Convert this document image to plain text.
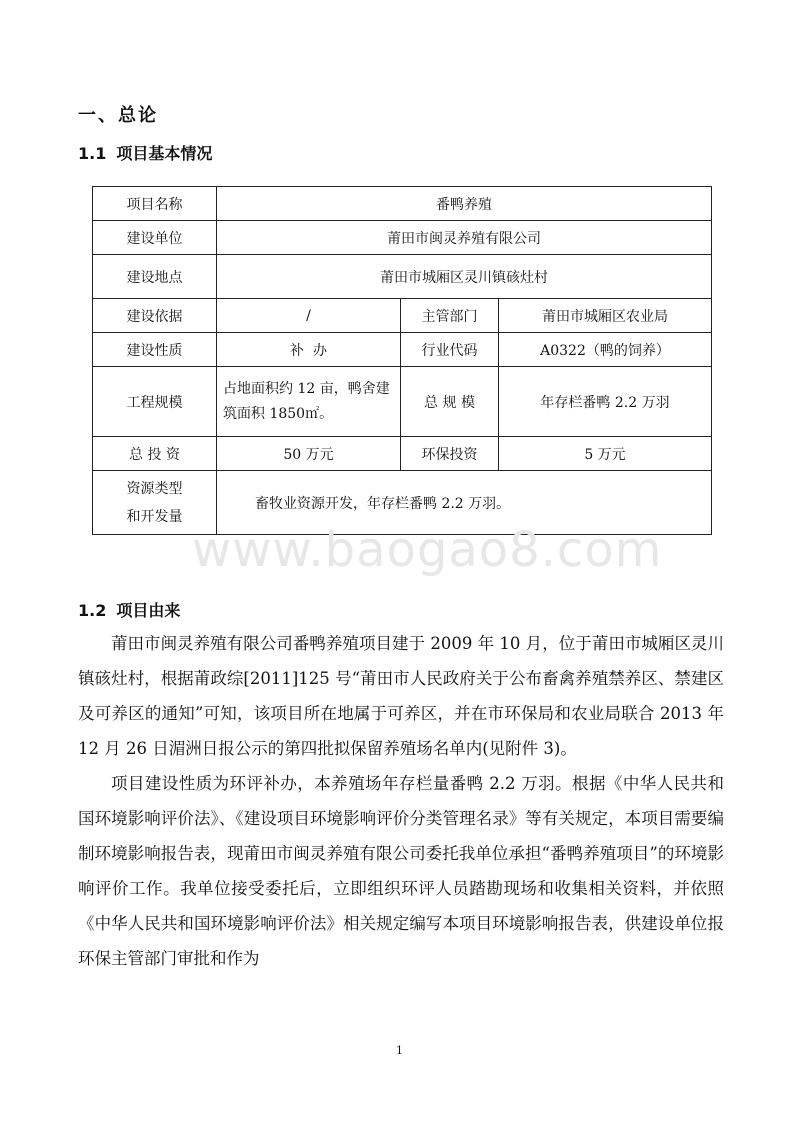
一、总论
1.1 项目基本情况
项目名称	番鸭养殖		
建设单位	莆田市闽灵养殖有限公司		
建设地点	莆田市城厢区灵川镇硋灶村		
建设依据	/	主管部门	莆田市城厢区农业局
建设性质	补  办	行业代码	A0322（鸭的饲养）
工程规模	占地面积约 12 亩，鸭舍建筑面积 1850㎡。	总 规 模	年存栏番鸭 2.2 万羽
总 投 资	50 万元	环保投资	5 万元

资源类型
和开发量	畜牧业资源开发，年存栏番鸭 2.2 万羽。		
www.baogao8.com
1.2 项目由来

莆田市闽灵养殖有限公司番鸭养殖项目建于 2009 年 10 月，位于莆田市城厢区灵川镇硋灶村，根据莆政综[2011]125 号“莆田市人民政府关于公布畜禽养殖禁养区、禁建区及可养区的通知”可知，该项目所在地属于可养区，并在市环保局和农业局联合 2013 年 12 月 26 日湄洲日报公示的第四批拟保留养殖场名单内(见附件 3)。

项目建设性质为环评补办，本养殖场年存栏量番鸭 2.2 万羽。根据《中华人民共和国环境影响评价法》、《建设项目环境影响评价分类管理名录》等有关规定，本项目需要编制环境影响报告表，现莆田市闽灵养殖有限公司委托我单位承担“番鸭养殖项目”的环境影响评价工作。我单位接受委托后，立即组织环评人员踏勘现场和收集相关资料，并依照《中华人民共和国环境影响评价法》相关规定编写本项目环境影响报告表，供建设单位报环保主管部门审批和作为

1
